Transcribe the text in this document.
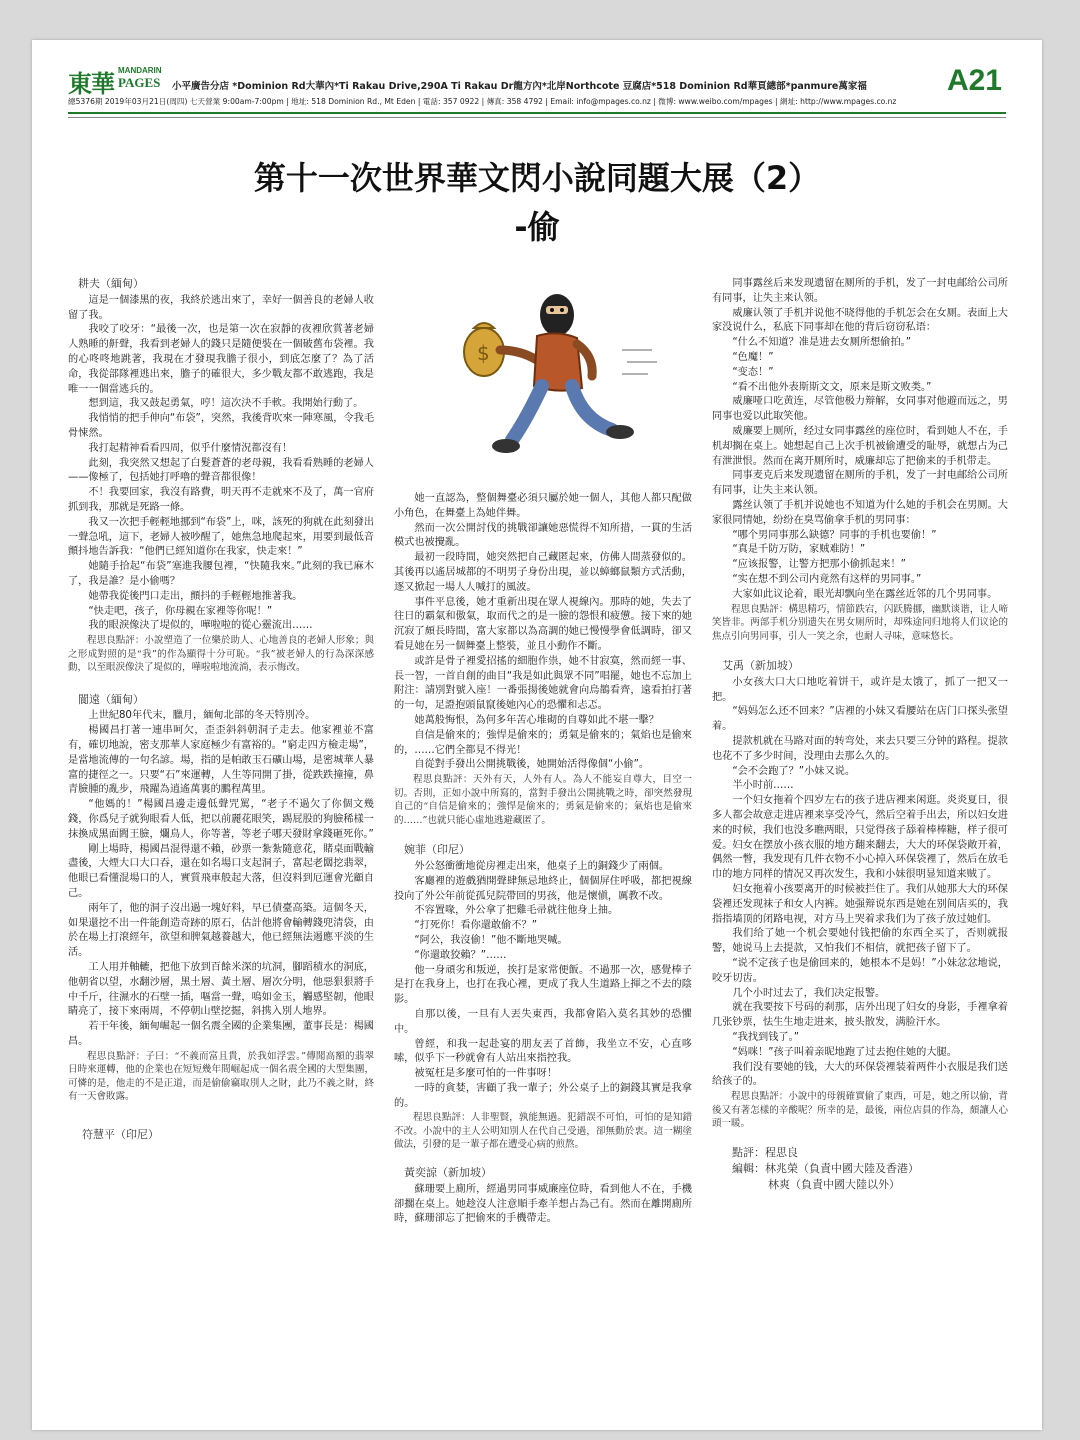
東華 MANDARIN
PAGES 小平廣告分店 *Dominion Rd大華內*Ti Rakau Drive,290A Ti Rakau Dr龍方內*北岸Northcote 豆腐店*518 Dominion Rd華頁總部*panmure萬家福	A21
總5376期 2019年03月21日(周四) 七天營業 9:00am-7:00pm | 地址: 518 Dominion Rd., Mt Eden | 電話: 357 0922 | 傳真: 358 4792 | Email: info@mpages.co.nz | 微博: www.weibo.com/mpages | 網址: http://www.mpages.co.nz
第十一次世界華文閃小說同題大展（2）
-偷
耕夫（緬甸）

這是一個漆黑的夜，我終於逃出來了，幸好一個善良的老婦人收留了我。

我咬了咬牙：“最後一次，也是第一次在寂靜的夜裡欣賞著老婦人熟睡的鼾聲，我看到老婦人的錢只是隨便裝在一個破舊布袋裡。我的心咚咚地跳著，我現在才發現我膽子很小，到底怎麼了？為了活命，我從部隊裡逃出來，膽子的確很大，多少戰友都不敢逃跑，我是唯一一個當逃兵的。

想到這，我又鼓起勇氣，哼！這次決不手軟。我開始行動了。

我悄悄的把手伸向“布袋”，突然，我後背吹來一陣寒風，令我毛骨悚然。

我打起精神看看四周，似乎什麼情況都沒有！

此刻，我突然又想起了白髮蒼蒼的老母親，我看看熟睡的老婦人——像極了，包括她打呼嚕的聲音都很像！

不！我要回家，我沒有路費，明天再不走就來不及了，萬一官府抓到我，那就是死路一條。

我又一次把手輕輕地挪到“布袋”上，咪，該死的狗就在此刻發出一聲急吼，這下，老婦人被吵醒了，她焦急地爬起來，用要到最低音顫抖地告訴我：“他們已經知道你在我家，快走來！”

她隨手拾起“布袋”塞進我腰包裡，“快隨我來。”此刻的我已麻木了，我是誰？是小偷嗎？

她帶我從後門口走出，顫抖的手輕輕地推著我。

“快走吧，孩子，你母親在家裡等你呢！”

我的眼淚像決了堤似的，嘩啦啦的從心靈流出……

程思良點評：小說塑造了一位樂於助人、心地善良的老婦人形象；與之形成對照的是“我”的作為顯得十分可恥。“我”被老婦人的行為深深感動，以至眼淚像決了堤似的，嘩啦啦地流淌，表示悔改。

閬遠（緬甸）

上世紀80年代末，臘月，緬甸北部的冬天特別冷。

楊國昌打著一連串呵欠，歪歪斜斜朝洞子走去。他家裡並不富有，確切地說，密支那華人家庭極少有富裕的。“窮走四方檢走場”，是當地流傳的一句名諺。場，指的是帕敢玉石礦山場，是密城華人暴富的捷徑之一。只要“石”來運轉，人生等同開了掛，從跌跌撞撞，鼻青臉腫的亂步，飛躍為逍遙萬裏的鵬程萬里。

“他媽的！”楊國昌邊走邊低聲咒罵，“老子不過欠了你個文幾錢，你爲兒子就狗眼看人低，把以前麗花眼笑，踢屁股的狗臉稀樣一抹換成黑面閻王臉，爛鳥人，你等著，等老子哪天發財拿錢砸死你。”

剛上場時，楊國昌混得還不賴，砂票一紮紮隨意花，賭桌面戰輸盡後，大煙大口大口吞，還在如名場口支起洞子，富起老闆挖翡翠，他眼已看懂混場口的人，實質飛車般起大落，但沒料到厄運會光顧自己。

兩年了，他的洞子沒出過一塊好料，早已債臺高築。這個冬天，如果還挖不出一件能創造奇跡的原石，估計他將會輸轉錢兜清袋，由於在場上打滾經年，欲望和脾氣越養越大，他已經無法遏應平淡的生活。

工人用并軸轆，把他下放到百餘米深的坑洞，腳蹈積水的洞底，他朝省以望，水翻沙層，黑土層、黃土層、層次分明，他惡狠狠將手中千斤，往濕水的石壁一插，嘔當一聲，嗚如金玉，觸感堅韌，他眼睛亮了，接下來兩周，不停朝山壁挖掘，斜携入別人地界。

若干年後，緬甸崛起一個名震全國的企業集團，董事長是：楊國昌。

程思良點評：子曰：“不義而富且貴，於我如浮雲。”傳聞高額的翡翠日時來運轉，他的企業也在短短幾年間崛起成一個名震全國的大型集團，可憐的是，他走的不是正道，而是偷偷竊取別人之財，此乃不義之財，終有一天會敗露。

符慧平（印尼）
$

她一直認為，整個舞臺必須只屬於她一個人，其他人都只配做小角色，在舞臺上為她伴舞。

然而一次公開討伐的挑戰卻讓她惡慌得不知所措，一貫的生活模式也被攪亂。

最初一段時間，她突然把自己藏匿起來，仿佛人間蒸發似的。其後再以遙居城都的不明男子身份出現，並以蟑螂鼠類方式活動，逐又掀起一場人人喊打的風波。

事件平息後，她才重新出現在眾人視線內。那時的她，失去了往日的霸氣和傲氣，取而代之的是一臉的怨恨和疲憊。接下來的她沉寂了頗長時間，富大家都以為高調的她已慢慢學會低調時，卻又看見她在另一個舞臺上整裝，並且小動作不斷。

或許是骨子裡愛招搖的細胞作祟，她不甘寂寞，然而經一事、長一智，一首自創的曲目“我是如此與眾不同”唱罷，她也不忘加上附注：請別對號入座！一番張揚後她就會向烏鵲看齊，遠看拍打著的一句，足證抱頭鼠竄後她內心的恐懼和忐忑。

她萬般悔恨，為何多年苦心堆砌的自尊如此不堪一擊？

自信是偷來的；強悍是偷來的；勇氣是偷來的；氣焰也是偷來的，……它們全都見不得光！

自從對手發出公開挑戰後，她開始活得像個“小偷”。

程思良點評：天外有天，人外有人。為人不能妄自尊大，目空一切。否則，正如小說中所寫的，當對手發出公開挑戰之時，卻突然發現自己的“自信是偷來的；強悍是偷來的；勇氣是偷來的；氣焰也是偷來的……”也就只能心虛地逃避藏匿了。

婉菲（印尼）

外公怒衝衝地從房裡走出來，他桌子上的銅錢少了兩個。

客廳裡的遊戲猶開聲肆無忌地終止，個個屏住呼吸，都把視線投向了外公年前從孤兒院帶回的男孩，他是懷愼，厲教不改。

不容置喙，外公拿了把雞毛帚就往他身上抽。

“打死你！看你還敢偷不？”

“阿公，我沒偷！”他不斷地哭喊。

“你還敢狡賴？”……

他一身頑劣和叛逆，挨打是家常便飯。不過那一次，感覺棒子是打在我身上，也打在我心裡，更成了我人生道路上揮之不去的陰影。

自那以後，一旦有人丟失東西，我都會陷入莫名其妙的恐懼中。

曾經，和我一起赴宴的朋友丟了首飾，我坐立不安，心直哆嗦，似乎下一秒就會有人站出來指控我。

被冤枉是多麼可怕的一件事呀！

一時的貪婪，害顧了我一輩子；外公桌子上的銅錢其實是我拿的。

程思良點評：人非聖賢，孰能無過。犯錯誤不可怕，可怕的是知錯不改。小說中的主人公明知別人在代自己受過，卻無動於衷。這一糊塗做法，引發的是一輩子都在遭受心病的煎熬。

黃奕諒（新加坡）

蘇珊要上廁所，經過男同事威廉座位時，看到他人不在，手機卻擱在桌上。她趁沒人注意順手牽羊想占為己有。然而在離開廁所時，蘇珊卻忘了把偷來的手機帶走。

同事露丝后来发现遗留在厕所的手机，发了一封电邮给公司所有同事，让失主来认领。

威廉认领了手机并说他不晓得他的手机怎会在女厕。表面上大家没说什么，私底下同事却在他的背后窃窃私语：

“什么不知道？准是进去女厕所想偷拍。”

“色魔！”

“变态！”

“看不出他外表斯斯文文，原来是斯文败类。”

威廉哑口吃黄连，尽管他极力辩解，女同事对他避而远之，男同事也爱以此取笑他。

威廉要上厕所，经过女同事露丝的座位时，看到她人不在，手机却搁在桌上。她想起自己上次手机被偷遭受的耻辱，就想占为己有泄泄恨。然而在离开厕所时，威廉却忘了把偷来的手机带走。

同事麦克后来发现遗留在厕所的手机，发了一封电邮给公司所有同事，让失主来认领。

露丝认领了手机并说她也不知道为什么她的手机会在男厕。大家很同情她，纷纷在臭骂偷拿手机的男同事：

“哪个男同事那么缺德？同事的手机也要偷！”

“真是千防万防，家贼难防！”

“应该报警，让警方把那小偷抓起来！”

“实在想不到公司内竟然有这样的男同事。”

大家如此议论着，眼光却飘向坐在露丝近邻的几个男同事。

程思良點評：構思精巧，情節跌宕，闪跃腾挪，幽默谈谐，让人啼笑皆非。两部手机分别遗失在男女厕所时，却殊途同归地将人们议论的焦点引向男同事，引人一笑之余，也耐人寻味，意味悠长。

艾禹（新加坡）

小女孩大口大口地吃着饼干，或许是太饿了，抓了一把又一把。

“妈妈怎么还不回来？”店裡的小妹又看腰站在店门口探头张望着。

提款机就在马路对面的转弯处，来去只要三分钟的路程。提款也花不了多少时间，没理由去那么久的。

“会不会跑了？”小妹又说。

半小时前……

一个妇女拖着个四岁左右的孩子进店裡来闲逛。炎炎夏日，很多人都会故意走进店裡来享受冷气，然后空着手出去，所以妇女进来的时候，我们也没多瞧两眼，只觉得孩子舔着棒棒糖，样子很可爱。妇女在摆放小孩衣服的地方翻来翻去，大大的环保袋敞开着，偶然一瞥，我发现有几件衣物不小心掉入环保袋裡了，然后在放毛巾的地方同样的情况又再次发生，我和小妹很明显知道来贼了。

妇女拖着小孩要离开的时候被拦住了。我们从她那大大的环保袋裡还发现袜子和女人内裤。她强辩说东西是她在别间店买的，我指指墙顶的闭路电视，对方马上哭着求我们为了孩子放过她们。

我们给了她一个机会要她付钱把偷的东西全买了，否则就报警，她说马上去提款，又怕我们不相信，就把孩子留下了。

“说不定孩子也是偷回来的，她根本不是妈！”小妹忿忿地说，咬牙切齿。

几个小时过去了，我们决定报警。

就在我要按下号码的刹那，店外出现了妇女的身影，手裡拿着几张钞票，怯生生地走进来，披头散发，满脸汗水。

“我找到钱了。”

“妈咪！”孩子叫着亲昵地跑了过去抱住她的大腿。

我们没有要她的钱，大大的环保袋裡装着两件小衣服是我们送给孩子的。

程思良點評：小說中的母親確實偷了東西，可是，她之所以偷，背後又有著怎樣的辛酸呢？所幸的是，最後，兩位店員的作為，頗讓人心頭一暖。

點評：程思良
編輯：林兆榮（負責中國大陸及香港）
林爽（負責中國大陸以外）
